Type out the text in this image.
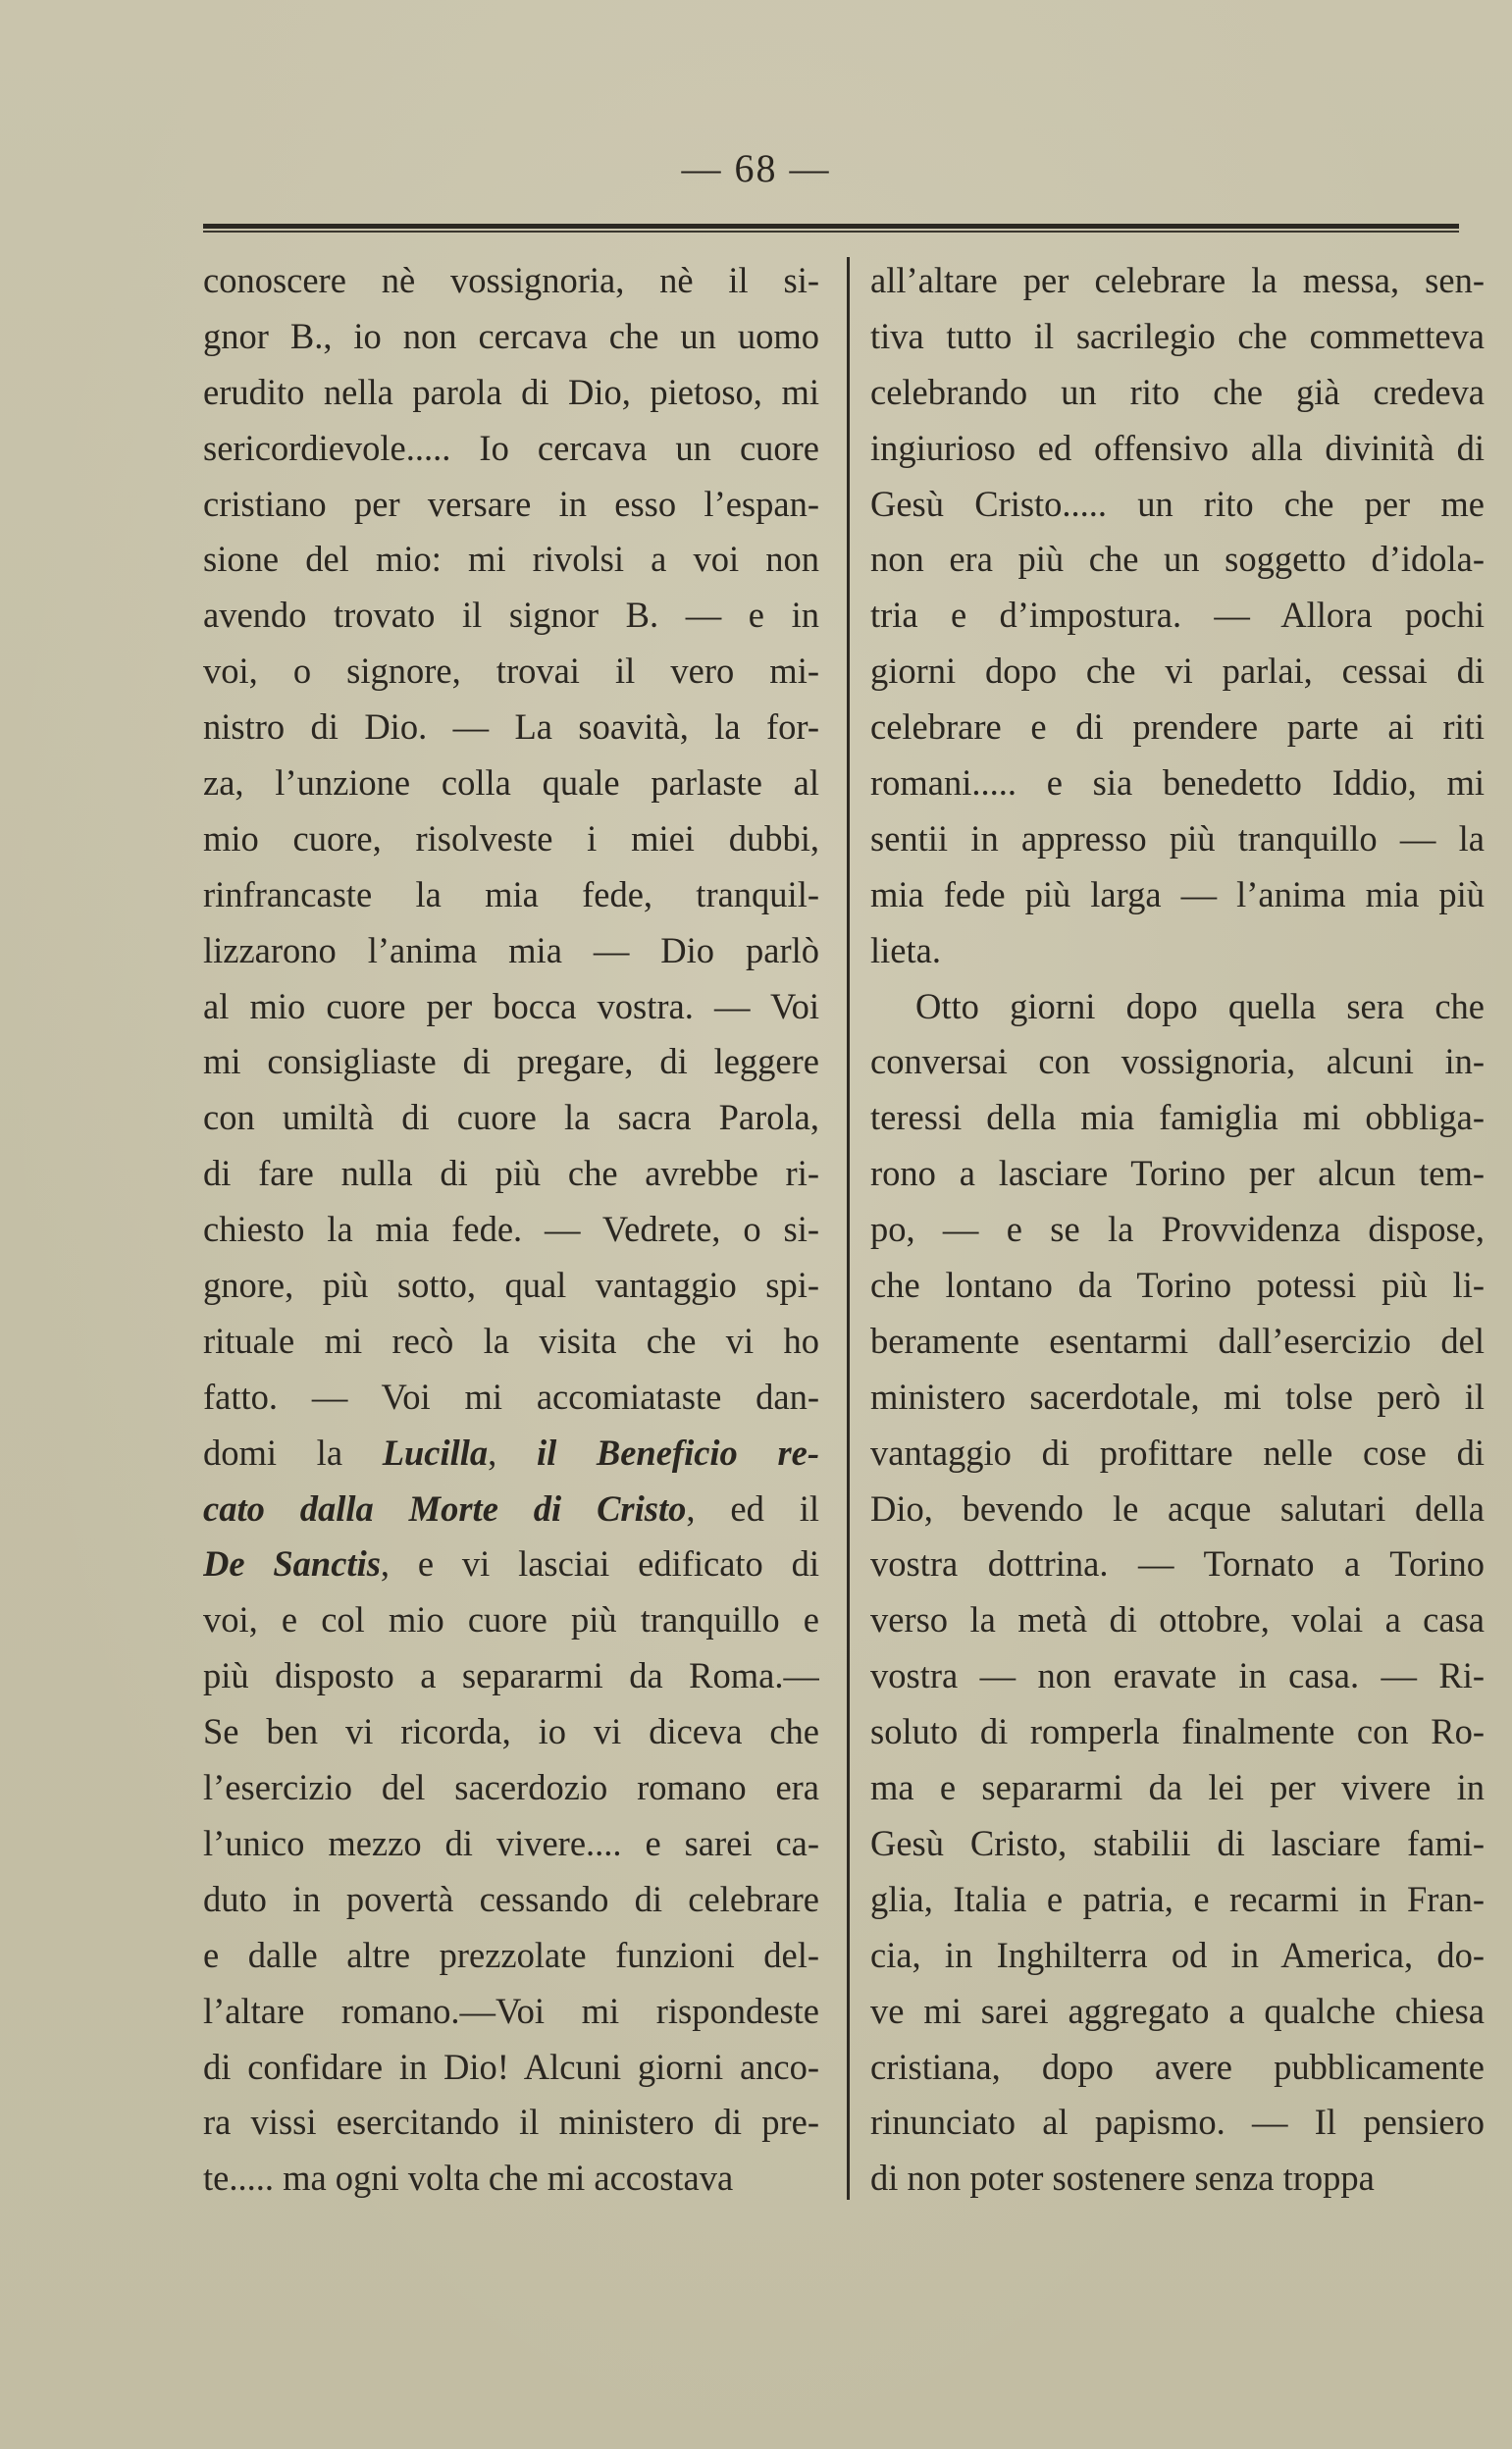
— 68 —
conoscere nè vossignoria, nè il si-
gnor B., io non cercava che un uomo
erudito nella parola di Dio, pietoso, mi
sericordievole..... Io cercava un cuore
cristiano per versare in esso l’espan-
sione del mio: mi rivolsi a voi non
avendo trovato il signor B. — e in
voi, o signore, trovai il vero mi-
nistro di Dio. — La soavità, la for-
za, l’unzione colla quale parlaste al
mio cuore, risolveste i miei dubbi,
rinfrancaste la mia fede, tranquil-
lizzarono l’anima mia — Dio parlò
al mio cuore per bocca vostra. — Voi
mi consigliaste di pregare, di leggere
con umiltà di cuore la sacra Parola,
di fare nulla di più che avrebbe ri-
chiesto la mia fede. — Vedrete, o si-
gnore, più sotto, qual vantaggio spi-
rituale mi recò la visita che vi ho
fatto. — Voi mi accomiataste dan-
domi la Lucilla, il Beneficio re-
cato dalla Morte di Cristo, ed il
De Sanctis, e vi lasciai edificato di
voi, e col mio cuore più tranquillo e
più disposto a separarmi da Roma.—
Se ben vi ricorda, io vi diceva che
l’esercizio del sacerdozio romano era
l’unico mezzo di vivere.... e sarei ca-
duto in povertà cessando di celebrare
e dalle altre prezzolate funzioni del-
l’altare romano.—Voi mi rispondeste
di confidare in Dio! Alcuni giorni anco-
ra vissi esercitando il ministero di pre-
te..... ma ogni volta che mi accostava
all’altare per celebrare la messa, sen-
tiva tutto il sacrilegio che commetteva
celebrando un rito che già credeva
ingiurioso ed offensivo alla divinità di
Gesù Cristo..... un rito che per me
non era più che un soggetto d’idola-
tria e d’impostura. — Allora pochi
giorni dopo che vi parlai, cessai di
celebrare e di prendere parte ai riti
romani..... e sia benedetto Iddio, mi
sentii in appresso più tranquillo — la
mia fede più larga — l’anima mia più
lieta.
Otto giorni dopo quella sera che
conversai con vossignoria, alcuni in-
teressi della mia famiglia mi obbliga-
rono a lasciare Torino per alcun tem-
po, — e se la Provvidenza dispose,
che lontano da Torino potessi più li-
beramente esentarmi dall’esercizio del
ministero sacerdotale, mi tolse però il
vantaggio di profittare nelle cose di
Dio, bevendo le acque salutari della
vostra dottrina. — Tornato a Torino
verso la metà di ottobre, volai a casa
vostra — non eravate in casa. — Ri-
soluto di romperla finalmente con Ro-
ma e separarmi da lei per vivere in
Gesù Cristo, stabilii di lasciare fami-
glia, Italia e patria, e recarmi in Fran-
cia, in Inghilterra od in America, do-
ve mi sarei aggregato a qualche chiesa
cristiana, dopo avere pubblicamente
rinunciato al papismo. — Il pensiero
di non poter sostenere senza troppa
